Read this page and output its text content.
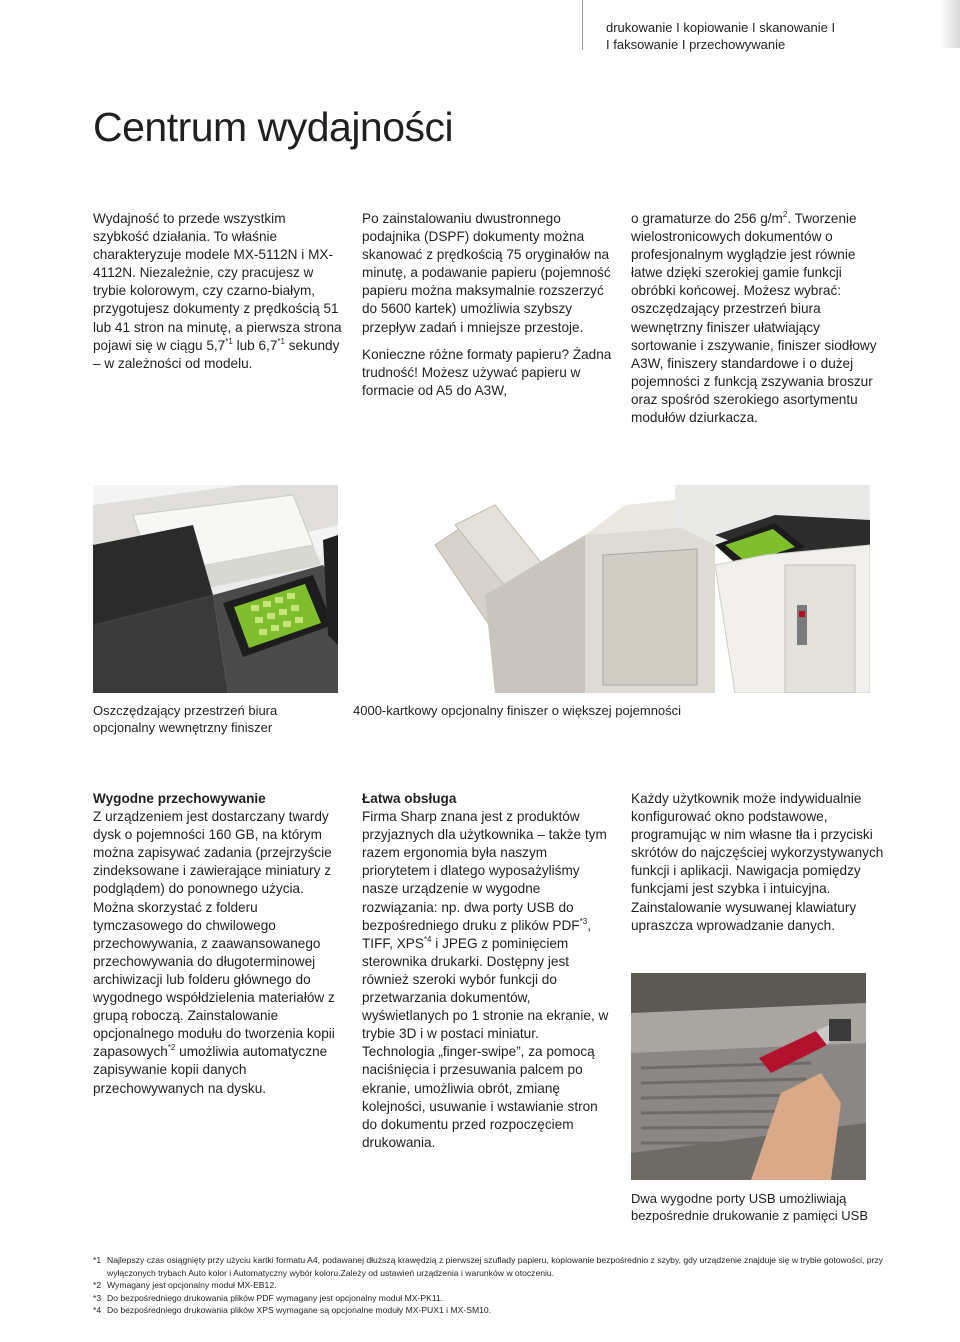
drukowanie I kopiowanie I skanowanie I
I faksowanie I przechowywanie
Centrum wydajności

Wydajność to przede wszystkim szybkość działania. To właśnie charakteryzuje modele MX-5112N i MX-4112N. Niezależnie, czy pracujesz w trybie kolorowym, czy czarno-białym, przygotujesz dokumenty z prędkością 51 lub 41 stron na minutę, a pierwsza strona pojawi się w ciągu 5,7$^{*1}$ lub 6,7$^{*1}$ sekundy – w zależności od modelu.

Po zainstalowaniu dwustronnego podajnika (DSPF) dokumenty można skanować z prędkością 75 oryginałów na minutę, a podawanie papieru (pojemność papieru można maksymalnie rozszerzyć do 5600 kartek) umożliwia szybszy przepływ zadań i mniejsze przestoje.

Konieczne różne formaty papieru? Żadna trudność! Możesz używać papieru w formacie od A5 do A3W,

o gramaturze do 256 $g/m^2$. Tworzenie wielostronicowych dokumentów o profesjonalnym wyglądzie jest równie łatwe dzięki szerokiej gamie funkcji obróbki końcowej. Możesz wybrać: oszczędzający przestrzeń biura wewnętrzny finiszer ułatwiający sortowanie i zszywanie, finiszer siodłowy A3W, finiszery standardowe i o dużej pojemności z funkcją zszywania broszur oraz spośród szerokiego asortymentu modułów dziurkacza.

Oszczędzający przestrzeń biura
opcjonalny wewnętrzny finiszer
4000-kartkowy opcjonalny finiszer o większej pojemności

Wygodne przechowywanie

Z urządzeniem jest dostarczany twardy dysk o pojemności 160 GB, na którym można zapisywać zadania (przejrzyście zindeksowane i zawierające miniatury z podglądem) do ponownego użycia. Można skorzystać z folderu tymczasowego do chwilowego przechowywania, z zaawansowanego przechowywania do długoterminowej archiwizacji lub folderu głównego do wygodnego współdzielenia materiałów z grupą roboczą. Zainstalowanie opcjonalnego modułu do tworzenia kopii zapasowych$^{*2}$ umożliwia automatyczne zapisywanie kopii danych przechowywanych na dysku.

Łatwa obsługa

Firma Sharp znana jest z produktów przyjaznych dla użytkownika – także tym razem ergonomia była naszym priorytetem i dlatego wyposażyliśmy nasze urządzenie w wygodne rozwiązania: np. dwa porty USB do bezpośredniego druku z plików PDF$^{*3}$, TIFF, XPS$^{*4}$ i JPEG z pominięciem sterownika drukarki. Dostępny jest również szeroki wybór funkcji do przetwarzania dokumentów, wyświetlanych po 1 stronie na ekranie, w trybie 3D i w postaci miniatur. Technologia „finger-swipe”, za pomocą naciśnięcia i przesuwania palcem po ekranie, umożliwia obrót, zmianę kolejności, usuwanie i wstawianie stron do dokumentu przed rozpoczęciem drukowania.

Każdy użytkownik może indywidualnie konfigurować okno podstawowe, programując w nim własne tła i przyciski skrótów do najczęściej wykorzystywanych funkcji i aplikacji. Nawigacja pomiędzy funkcjami jest szybka i intuicyjna. Zainstalowanie wysuwanej klawiatury upraszcza wprowadzanie danych.

Dwa wygodne porty USB umożliwiają
bezpośrednie drukowanie z pamięci USB
*1 Najlepszy czas osiągnięty przy użyciu kartki formatu A4, podawanej dłuższą krawędzią z pierwszej szuflady papieru, kopiowanie bezpośrednio z szyby, gdy urządzenie znajduje się w trybie gotowości, przy wyłączonych trybach Auto kolor i Automatyczny wybór koloru.Zależy od ustawień urządzenia i warunków w otoczeniu.
*2 Wymagany jest opcjonalny moduł MX-EB12.
*3 Do bezpośredniego drukowania plików PDF wymagany jest opcjonalny moduł MX-PK11.
*4 Do bezpośredniego drukowania plików XPS wymagane są opcjonalne moduły MX-PUX1 i MX-SM10.
